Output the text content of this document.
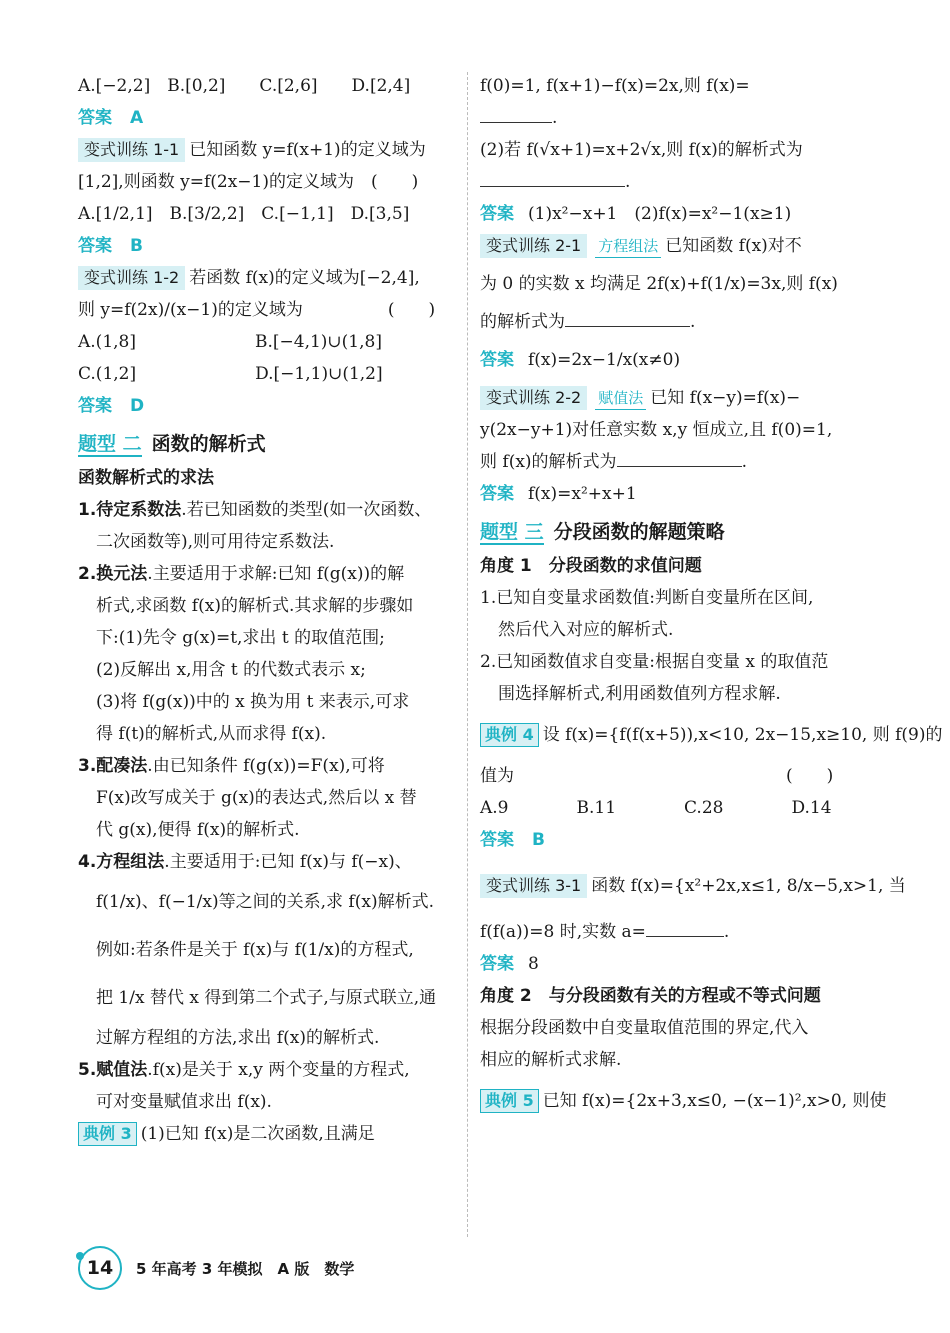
A.[−2,2]　B.[0,2]　　C.[2,6]　　D.[2,4]
答案 A
变式训练 1-1 已知函数 y=f(x+1)的定义域为
[1,2],则函数 y=f(2x−1)的定义域为　(　　)
A.[1/2,1]　B.[3/2,2]　C.[−1,1]　D.[3,5]
答案 B
变式训练 1-2 若函数 f(x)的定义域为[−2,4],
则 y=f(2x)/(x−1)的定义域为　　　　　(　　)
A.(1,8]　　　　　　　B.[−4,1)∪(1,8]
C.(1,2]　　　　　　　D.[−1,1)∪(1,2]
答案 D
题型 二 函数的解析式
函数解析式的求法
1.待定系数法.若已知函数的类型(如一次函数、
二次函数等),则可用待定系数法.
2.换元法.主要适用于求解:已知 f(g(x))的解
析式,求函数 f(x)的解析式.其求解的步骤如
下:(1)先令 g(x)=t,求出 t 的取值范围;
(2)反解出 x,用含 t 的代数式表示 x;
(3)将 f(g(x))中的 x 换为用 t 来表示,可求
得 f(t)的解析式,从而求得 f(x).
3.配凑法.由已知条件 f(g(x))=F(x),可将
F(x)改写成关于 g(x)的表达式,然后以 x 替
代 g(x),便得 f(x)的解析式.
4.方程组法.主要适用于:已知 f(x)与 f(−x)、
f(1/x)、f(−1/x)等之间的关系,求 f(x)解析式.
例如:若条件是关于 f(x)与 f(1/x)的方程式,
把 1/x 替代 x 得到第二个式子,与原式联立,通
过解方程组的方法,求出 f(x)的解析式.
5.赋值法.f(x)是关于 x,y 两个变量的方程式,
可对变量赋值求出 f(x).
典例 3 (1)已知 f(x)是二次函数,且满足
f(0)=1, f(x+1)−f(x)=2x,则 f(x)=
.
(2)若 f(√x+1)=x+2√x,则 f(x)的解析式为
.
答案 (1)x²−x+1　(2)f(x)=x²−1(x≥1)
变式训练 2-1 方程组法 已知函数 f(x)对不
为 0 的实数 x 均满足 2f(x)+f(1/x)=3x,则 f(x)
的解析式为	.
答案 f(x)=2x−1/x(x≠0)
变式训练 2-2 赋值法 已知 f(x−y)=f(x)−
y(2x−y+1)对任意实数 x,y 恒成立,且 f(0)=1,
则 f(x)的解析式为	.
答案 f(x)=x²+x+1
题型 三 分段函数的解题策略
角度 1　分段函数的求值问题
1.已知自变量求函数值:判断自变量所在区间,
然后代入对应的解析式.
2.已知函数值求自变量:根据自变量 x 的取值范
围选择解析式,利用函数值列方程求解.
典例 4 设 f(x)={f(f(x+5)),x<10, 2x−15,x≥10, 则 f(9)的
值为　　　　　　　　　　　　　　　　(　　)
A.9　　　　B.11　　　　C.28　　　　D.14
答案 B
变式训练 3-1 函数 f(x)={x²+2x,x≤1, 8/x−5,x>1, 当
f(f(a))=8 时,实数 a=	.
答案 8
角度 2　与分段函数有关的方程或不等式问题
根据分段函数中自变量取值范围的界定,代入
相应的解析式求解.
典例 5 已知 f(x)={2x+3,x≤0, −(x−1)²,x>0, 则使
14 5 年高考 3 年模拟　A 版　数学
